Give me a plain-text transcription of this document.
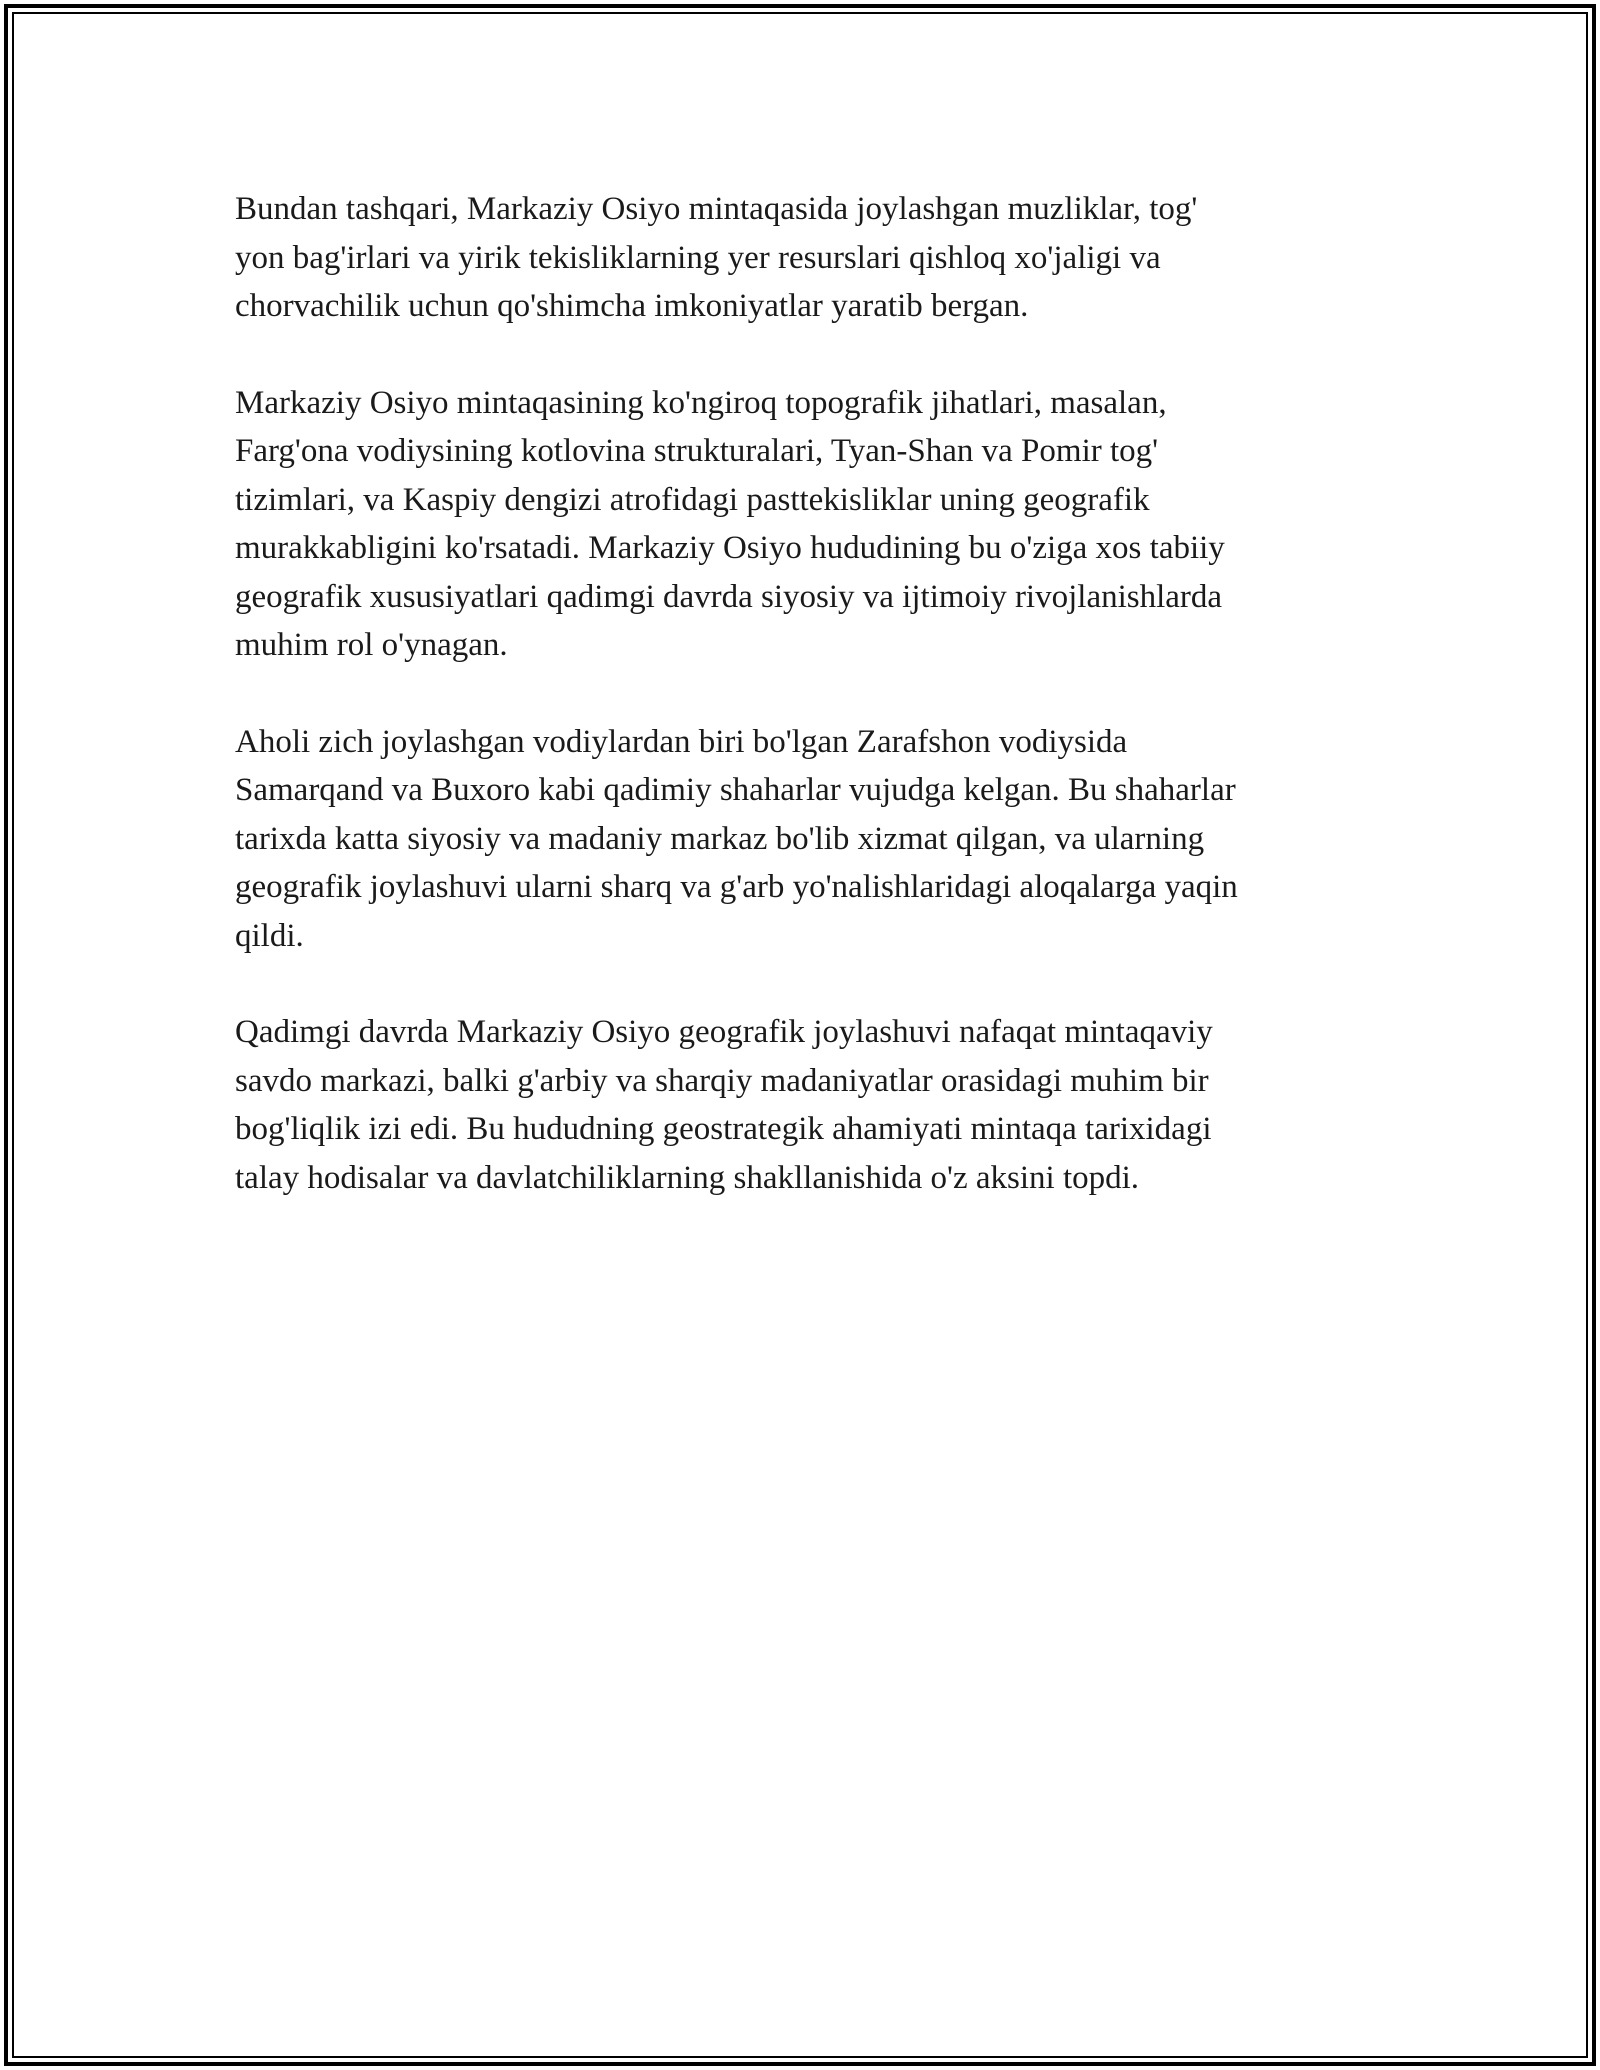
Bundan tashqari, Markaziy Osiyo mintaqasida joylashgan muzliklar, tog'
yon bag'irlari va yirik tekisliklarning yer resurslari qishloq xo'jaligi va
chorvachilik uchun qo'shimcha imkoniyatlar yaratib bergan.

Markaziy Osiyo mintaqasining ko'ngiroq topografik jihatlari, masalan,
Farg'ona vodiysining kotlovina strukturalari, Tyan-Shan va Pomir tog'
tizimlari, va Kaspiy dengizi atrofidagi pasttekisliklar uning geografik
murakkabligini ko'rsatadi. Markaziy Osiyo hududining bu o'ziga xos tabiiy
geografik xususiyatlari qadimgi davrda siyosiy va ijtimoiy rivojlanishlarda
muhim rol o'ynagan.

Aholi zich joylashgan vodiylardan biri bo'lgan Zarafshon vodiysida
Samarqand va Buxoro kabi qadimiy shaharlar vujudga kelgan. Bu shaharlar
tarixda katta siyosiy va madaniy markaz bo'lib xizmat qilgan, va ularning
geografik joylashuvi ularni sharq va g'arb yo'nalishlaridagi aloqalarga yaqin
qildi.

Qadimgi davrda Markaziy Osiyo geografik joylashuvi nafaqat mintaqaviy
savdo markazi, balki g'arbiy va sharqiy madaniyatlar orasidagi muhim bir
bog'liqlik izi edi. Bu hududning geostrategik ahamiyati mintaqa tarixidagi
talay hodisalar va davlatchiliklarning shakllanishida o'z aksini topdi.
